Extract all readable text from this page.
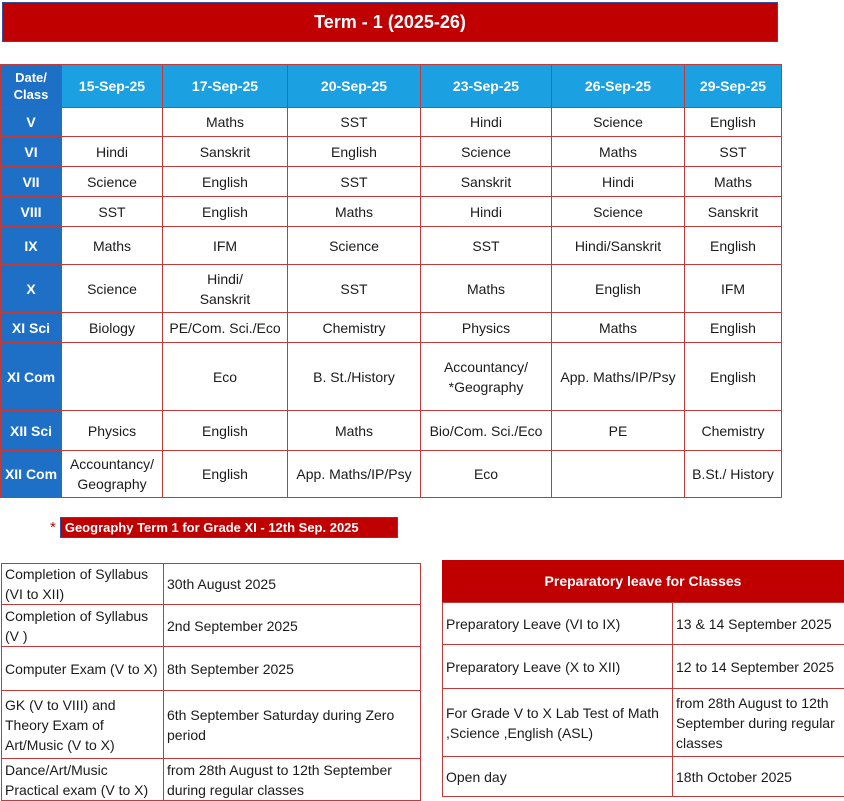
Term - 1 (2025-26)
Date/ Class	15-Sep-25	17-Sep-25	20-Sep-25	23-Sep-25	26-Sep-25	29-Sep-25
V		Maths	SST	Hindi	Science	English
VI	Hindi	Sanskrit	English	Science	Maths	SST
VII	Science	English	SST	Sanskrit	Hindi	Maths
VIII	SST	English	Maths	Hindi	Science	Sanskrit
IX	Maths	IFM	Science	SST	Hindi/Sanskrit	English
X	Science	Hindi/ Sanskrit	SST	Maths	English	IFM
XI Sci	Biology	PE/Com. Sci./Eco	Chemistry	Physics	Maths	English
XI Com		Eco	B. St./History	Accountancy/ *Geography	App. Maths/IP/Psy	English
XII Sci	Physics	English	Maths	Bio/Com. Sci./Eco	PE	Chemistry
XII Com	Accountancy/ Geography	English	App. Maths/IP/Psy	Eco		B.St./ History
* Geography Term 1 for Grade XI - 12th Sep. 2025
Completion of Syllabus (VI to XII)	30th August 2025
Completion of Syllabus (V )	2nd September 2025
Computer Exam (V to X)	8th September 2025
GK (V to VIII) and Theory Exam of Art/Music (V to X)	6th September Saturday during Zero period
Dance/Art/Music Practical exam (V to X)	from 28th August to 12th September during regular classes
Preparatory leave for Classes
Preparatory Leave (VI to IX)	13 & 14 September 2025
Preparatory Leave (X to XII)	12 to 14 September 2025
For Grade V to X Lab Test of Math ,Science ,English (ASL)	from 28th August to 12th September during regular classes
Open day	18th October 2025
